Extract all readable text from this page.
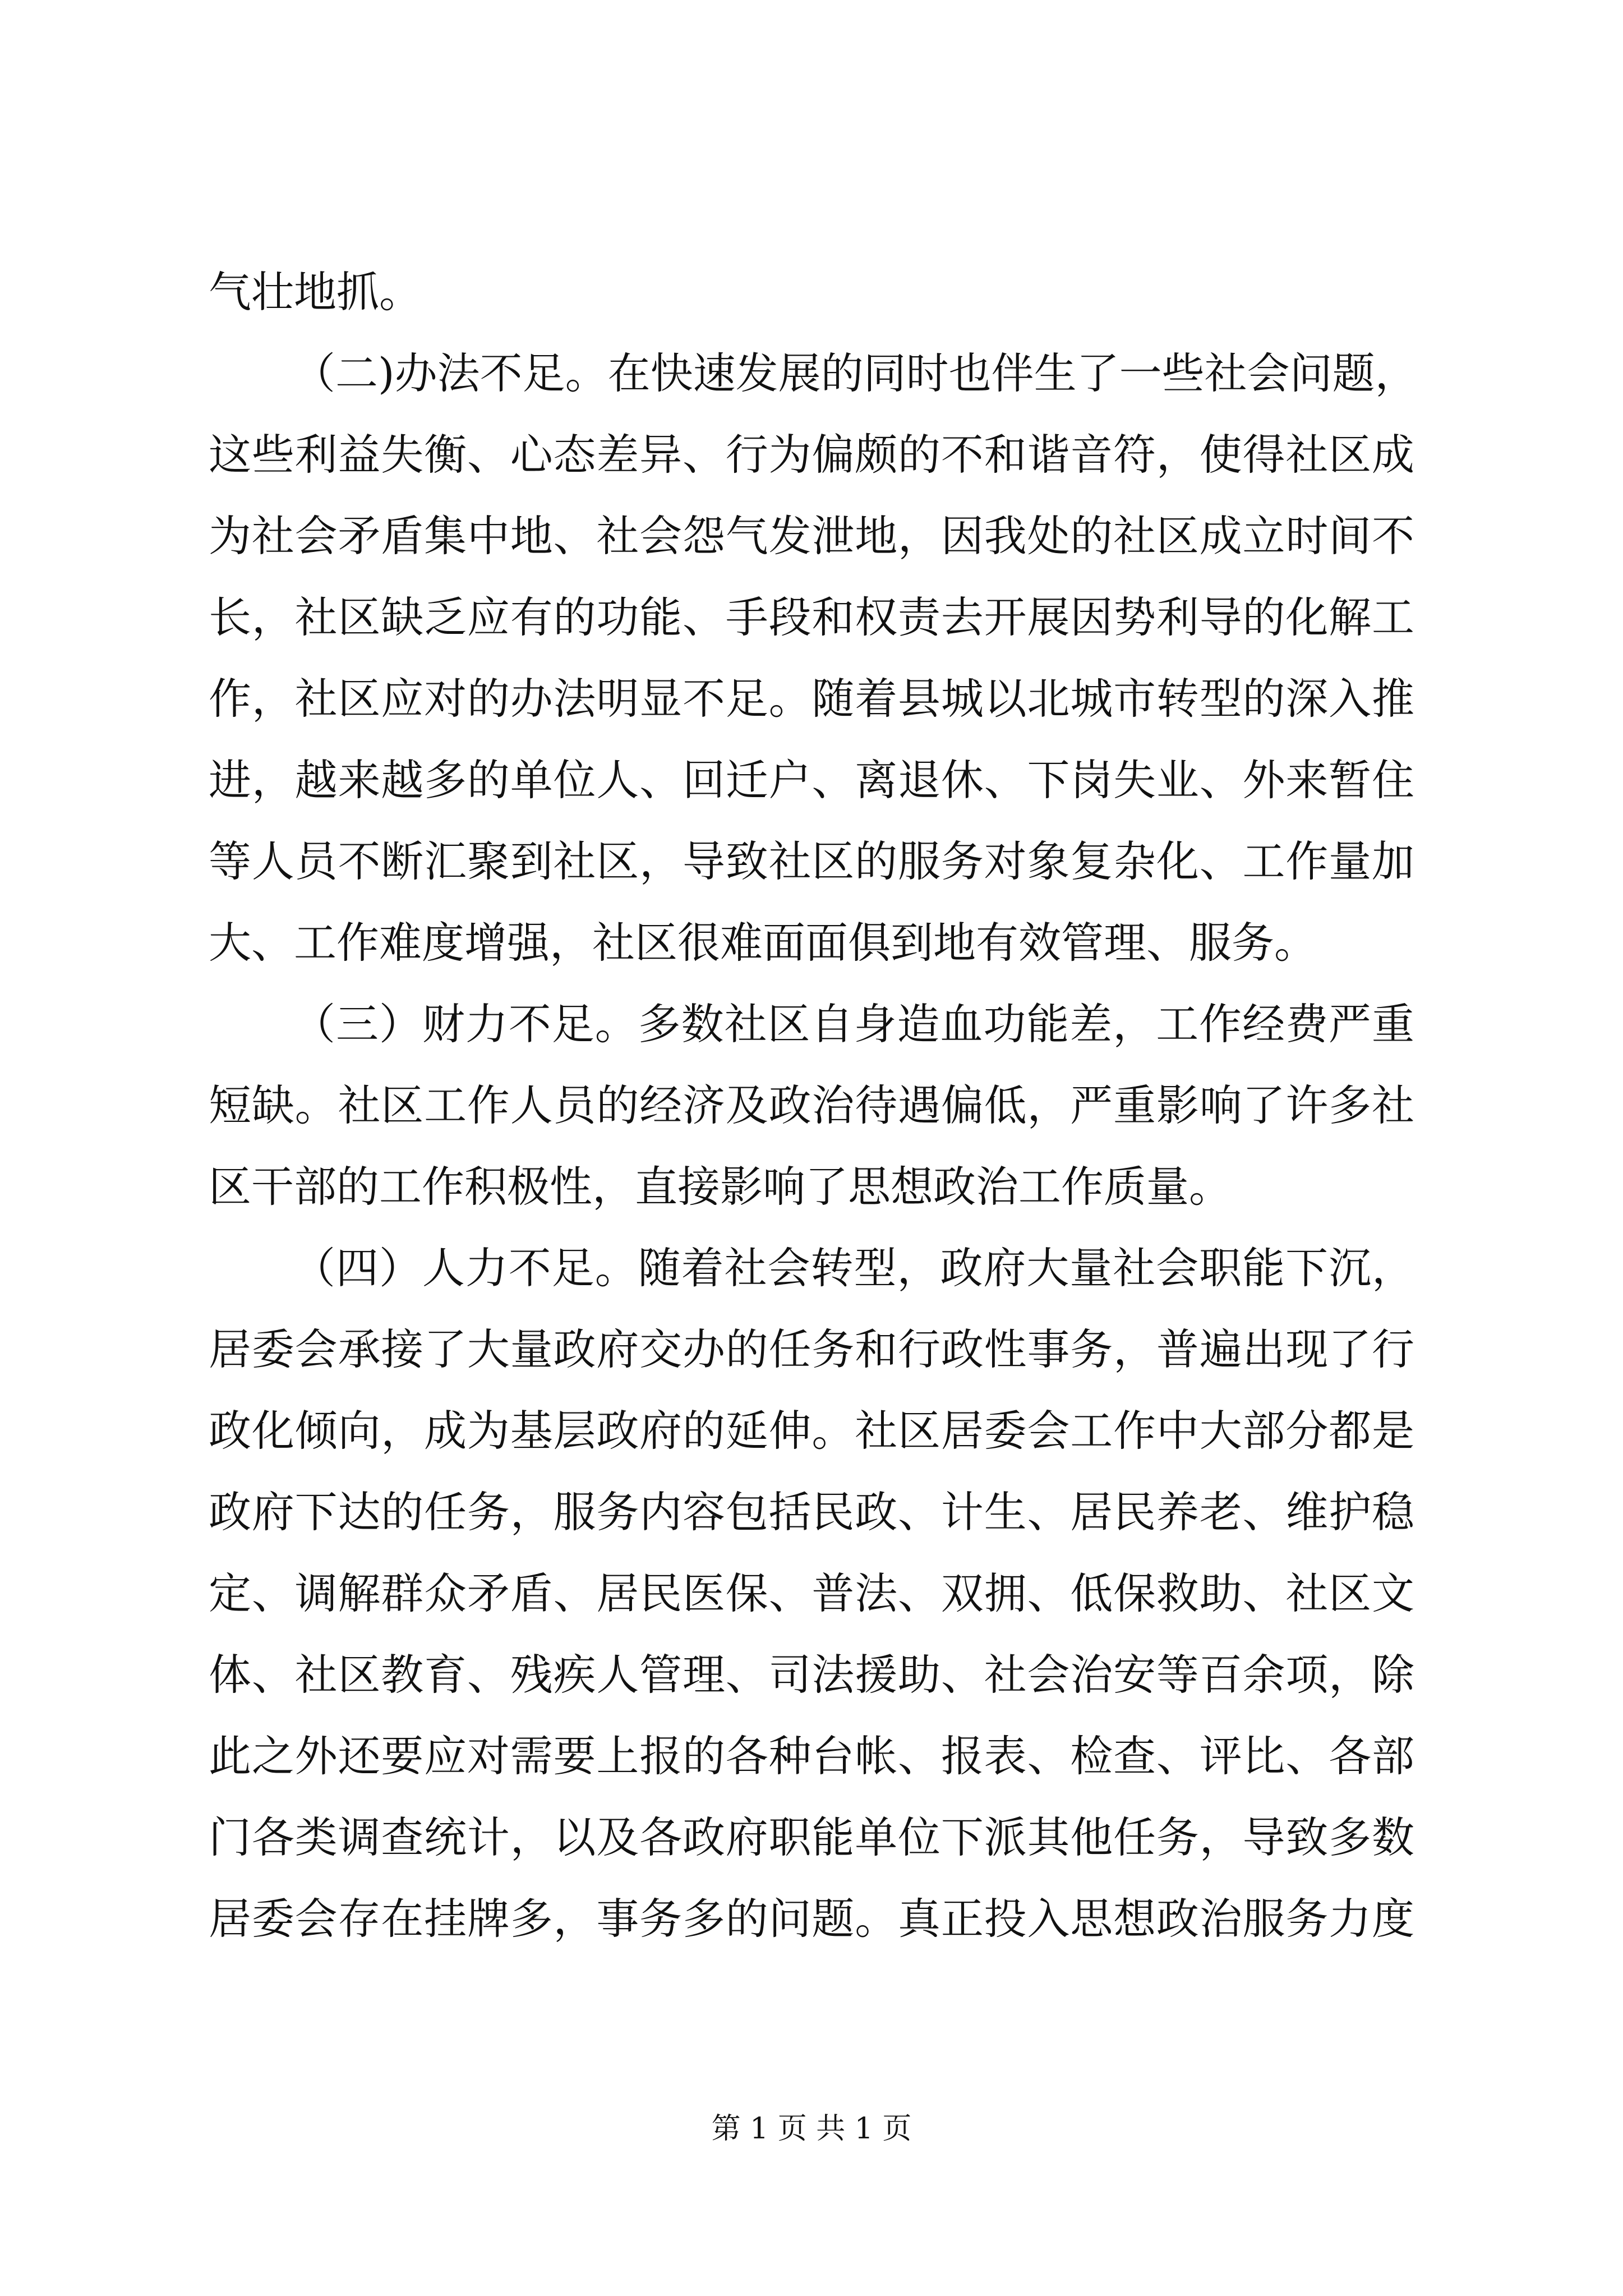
气壮地抓。
（二)办法不足。在快速发展的同时也伴生了一些社会问题，
这些利益失衡、心态差异、行为偏颇的不和谐音符，使得社区成
为社会矛盾集中地、社会怨气发泄地，因我处的社区成立时间不
长，社区缺乏应有的功能、手段和权责去开展因势利导的化解工
作，社区应对的办法明显不足。随着县城以北城市转型的深入推
进，越来越多的单位人、回迁户、离退休、下岗失业、外来暂住
等人员不断汇聚到社区，导致社区的服务对象复杂化、工作量加
大、工作难度增强，社区很难面面俱到地有效管理、服务。
（三）财力不足。多数社区自身造血功能差，工作经费严重
短缺。社区工作人员的经济及政治待遇偏低，严重影响了许多社
区干部的工作积极性，直接影响了思想政治工作质量。
（四）人力不足。随着社会转型，政府大量社会职能下沉，
居委会承接了大量政府交办的任务和行政性事务，普遍出现了行
政化倾向，成为基层政府的延伸。社区居委会工作中大部分都是
政府下达的任务，服务内容包括民政、计生、居民养老、维护稳
定、调解群众矛盾、居民医保、普法、双拥、低保救助、社区文
体、社区教育、残疾人管理、司法援助、社会治安等百余项，除
此之外还要应对需要上报的各种台帐、报表、检查、评比、各部
门各类调查统计，以及各政府职能单位下派其他任务，导致多数
居委会存在挂牌多，事务多的问题。真正投入思想政治服务力度
第 1 页 共 1 页
